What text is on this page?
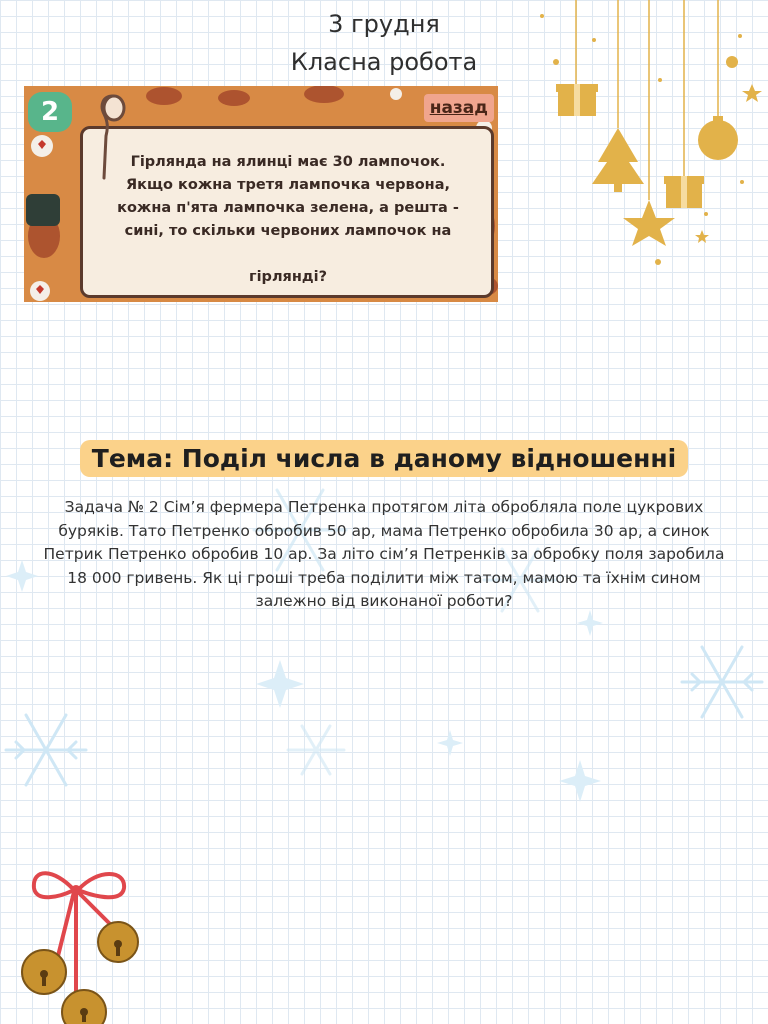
3 грудня
Класна робота
2	назад
Гірлянда на ялинці має 30 лампочок.
Якщо кожна третя лампочка червона,
кожна п'ята лампочка зелена, а решта -
сині, то скільки червоних лампочок на

гірлянді?
Тема: Поділ числа в даному відношенні
Задача № 2 Сім’я фермера Петренка протягом літа обробляла поле цукрових буряків. Тато Петренко обробив 50 ар, мама Петренко обробила 30 ар, а синок Петрик Петренко обробив 10 ар. За літо сім’я Петренків за обробку поля заробила 18 000 гривень. Як ці гроші треба поділити між татом, мамою та їхнім сином залежно від виконаної роботи?
